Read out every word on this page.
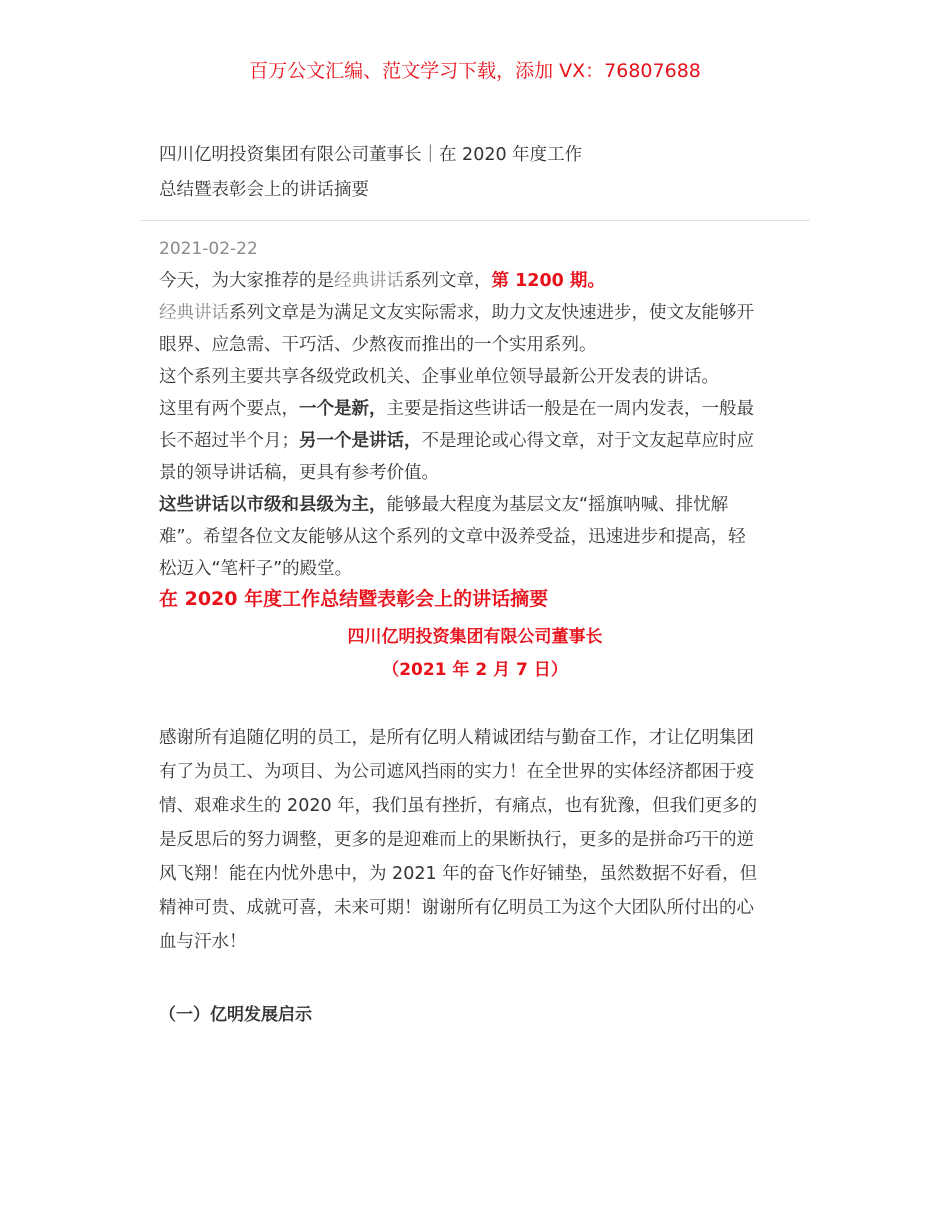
百万公文汇编、范文学习下载，添加 VX：76807688
四川亿明投资集团有限公司董事长｜在 2020 年度工作
总结暨表彰会上的讲话摘要
2021-02-22
今天，为大家推荐的是经典讲话系列文章，第 1200 期。
经典讲话系列文章是为满足文友实际需求，助力文友快速进步，使文友能够开
眼界、应急需、干巧活、少熬夜而推出的一个实用系列。
这个系列主要共享各级党政机关、企事业单位领导最新公开发表的讲话。
这里有两个要点，一个是新，主要是指这些讲话一般是在一周内发表，一般最
长不超过半个月；另一个是讲话，不是理论或心得文章，对于文友起草应时应
景的领导讲话稿，更具有参考价值。
这些讲话以市级和县级为主，能够最大程度为基层文友“摇旗呐喊、排忧解
难”。希望各位文友能够从这个系列的文章中汲养受益，迅速进步和提高，轻
松迈入“笔杆子”的殿堂。
在 2020 年度工作总结暨表彰会上的讲话摘要
四川亿明投资集团有限公司董事长
（2021 年 2 月 7 日）
感谢所有追随亿明的员工，是所有亿明人精诚团结与勤奋工作，才让亿明集团
有了为员工、为项目、为公司遮风挡雨的实力！在全世界的实体经济都困于疫
情、艰难求生的 2020 年，我们虽有挫折，有痛点，也有犹豫，但我们更多的
是反思后的努力调整，更多的是迎难而上的果断执行，更多的是拼命巧干的逆
风飞翔！能在内忧外患中，为 2021 年的奋飞作好铺垫，虽然数据不好看，但
精神可贵、成就可喜，未来可期！谢谢所有亿明员工为这个大团队所付出的心
血与汗水！
（一）亿明发展启示
